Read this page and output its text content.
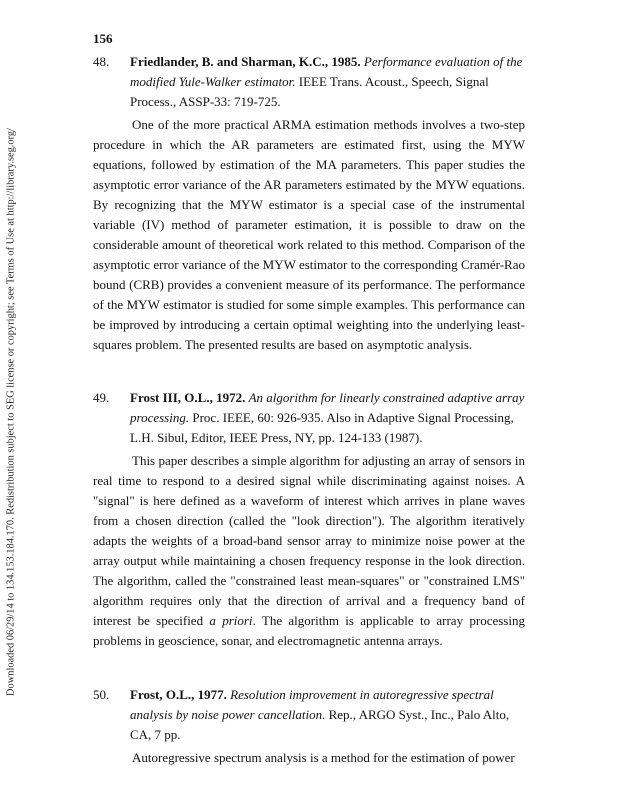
Downloaded 06/29/14 to 134.153.184.170. Redistribution subject to SEG license or copyright; see Terms of Use at http://library.seg.org/
156
48. Friedlander, B. and Sharman, K.C., 1985. Performance evaluation of the modified Yule-Walker estimator. IEEE Trans. Acoust., Speech, Signal Process., ASSP-33: 719-725.
One of the more practical ARMA estimation methods involves a two-step procedure in which the AR parameters are estimated first, using the MYW equations, followed by estimation of the MA parameters. This paper studies the asymptotic error variance of the AR parameters estimated by the MYW equations. By recognizing that the MYW estimator is a special case of the instrumental variable (IV) method of parameter estimation, it is possible to draw on the considerable amount of theoretical work related to this method. Comparison of the asymptotic error variance of the MYW estimator to the corresponding Cramér-Rao bound (CRB) provides a convenient measure of its performance. The performance of the MYW estimator is studied for some simple examples. This performance can be improved by introducing a certain optimal weighting into the underlying least-squares problem. The presented results are based on asymptotic analysis.
49. Frost III, O.L., 1972. An algorithm for linearly constrained adaptive array processing. Proc. IEEE, 60: 926-935. Also in Adaptive Signal Processing, L.H. Sibul, Editor, IEEE Press, NY, pp. 124-133 (1987).
This paper describes a simple algorithm for adjusting an array of sensors in real time to respond to a desired signal while discriminating against noises. A "signal" is here defined as a waveform of interest which arrives in plane waves from a chosen direction (called the "look direction"). The algorithm iteratively adapts the weights of a broad-band sensor array to minimize noise power at the array output while maintaining a chosen frequency response in the look direction. The algorithm, called the "constrained least mean-squares" or "constrained LMS" algorithm requires only that the direction of arrival and a frequency band of interest be specified a priori. The algorithm is applicable to array processing problems in geoscience, sonar, and electromagnetic antenna arrays.
50. Frost, O.L., 1977. Resolution improvement in autoregressive spectral analysis by noise power cancellation. Rep., ARGO Syst., Inc., Palo Alto, CA, 7 pp.
Autoregressive spectrum analysis is a method for the estimation of power
